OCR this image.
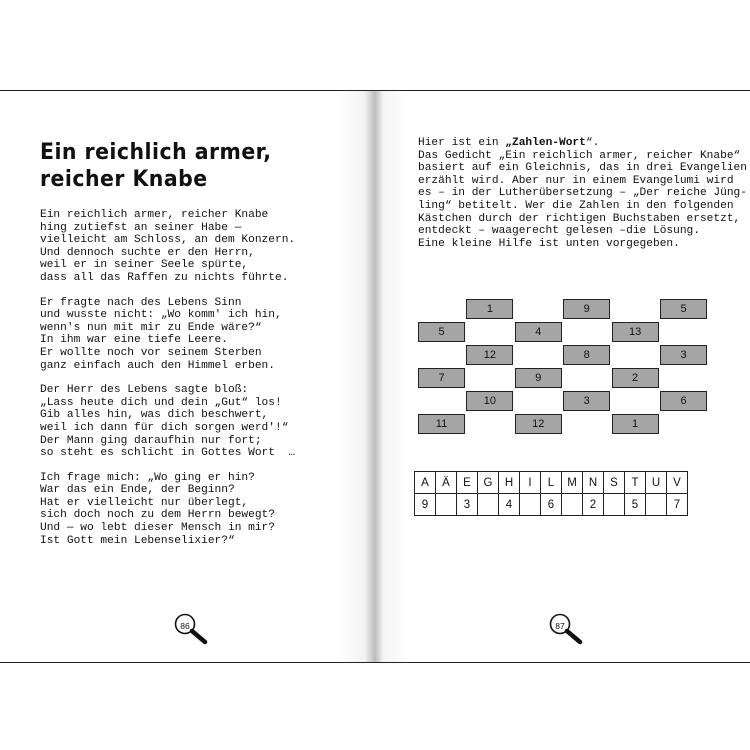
Ein reichlich armer,
reicher Knabe
Ein reichlich armer, reicher Knabe
hing zutiefst an seiner Habe —
vielleicht am Schloss, an dem Konzern.
Und dennoch suchte er den Herrn,
weil er in seiner Seele spürte,
dass all das Raffen zu nichts führte.
Er fragte nach des Lebens Sinn
und wusste nicht: „Wo komm' ich hin,
wenn's nun mit mir zu Ende wäre?“
In ihm war eine tiefe Leere.
Er wollte noch vor seinem Sterben
ganz einfach auch den Himmel erben.
Der Herr des Lebens sagte bloß:
„Lass heute dich und dein „Gut“ los!
Gib alles hin, was dich beschwert,
weil ich dann für dich sorgen werd'!“
Der Mann ging daraufhin nur fort;
so steht es schlicht in Gottes Wort  …
Ich frage mich: „Wo ging er hin?
War das ein Ende, der Beginn?
Hat er vielleicht nur überlegt,
sich doch noch zu dem Herrn bewegt?
Und — wo lebt dieser Mensch in mir?
Ist Gott mein Lebenselixier?“
86
Hier ist ein „Zahlen-Wort“.
Das Gedicht „Ein reichlich armer, reicher Knabe“
basiert auf ein Gleichnis, das in drei Evangelien
erzählt wird. Aber nur in einem Evangelumi wird
es – in der Lutherübersetzung – „Der reiche Jüng-
ling“ betitelt. Wer die Zahlen in den folgenden
Kästchen durch der richtigen Buchstaben ersetzt,
entdeckt – waagerecht gelesen –die Lösung.
Eine kleine Hilfe ist unten vorgegeben.
1	9	5
5	4	13
12	8	3
7	9	2
10	3	6
11	12	1
A	Ä	E	G	H	I	L	M	N	S	T	U	V
9		3		4		6		2		5		7
87
